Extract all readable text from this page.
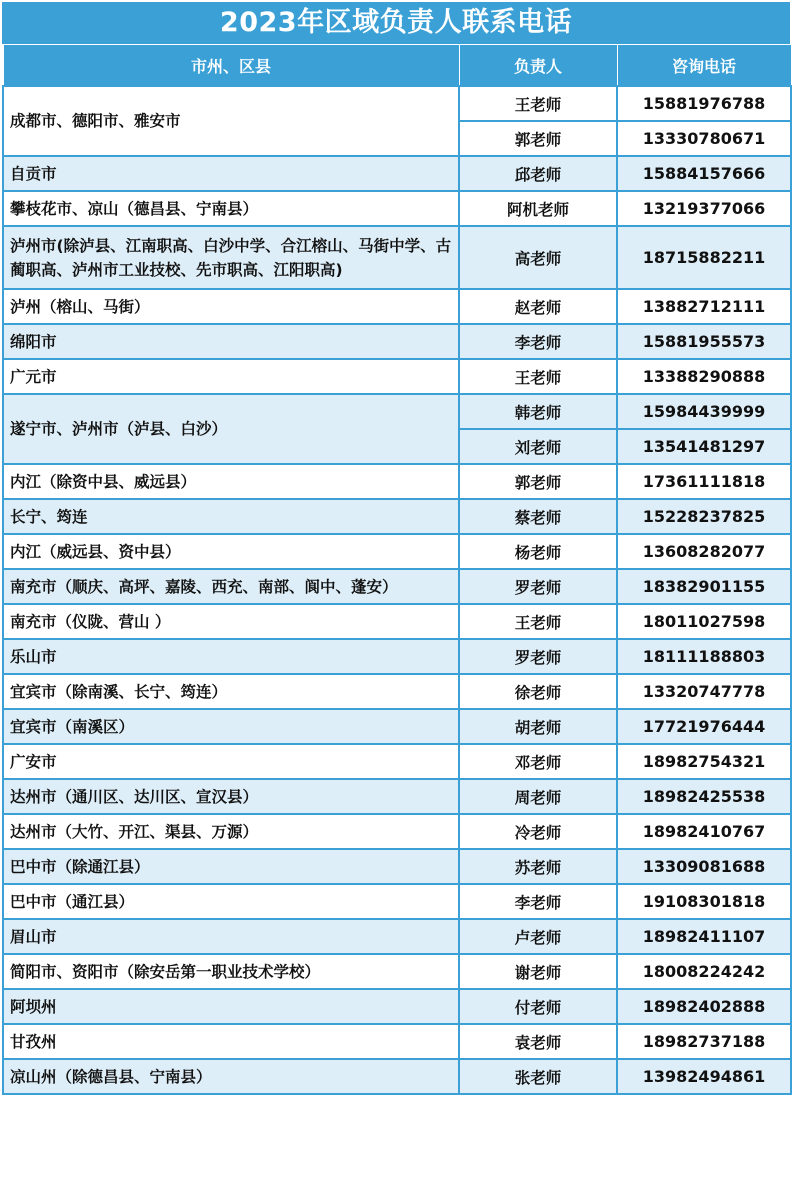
2023年区域负责人联系电话
市州、区县	负责人	咨询电话
成都市、德阳市、雅安市	王老师	15881976788
	郭老师	13330780671
自贡市	邱老师	15884157666
攀枝花市、凉山（德昌县、宁南县）	阿机老师	13219377066
泸州市(除泸县、江南职高、白沙中学、合江榕山、马街中学、古蔺职高、泸州市工业技校、先市职高、江阳职高)	高老师	18715882211
泸州（榕山、马街）	赵老师	13882712111
绵阳市	李老师	15881955573
广元市	王老师	13388290888
遂宁市、泸州市（泸县、白沙）	韩老师	15984439999
	刘老师	13541481297
内江（除资中县、威远县）	郭老师	17361111818
长宁、筠连	蔡老师	15228237825
内江（威远县、资中县）	杨老师	13608282077
南充市（顺庆、高坪、嘉陵、西充、南部、阆中、蓬安）	罗老师	18382901155
南充市（仪陇、营山 ）	王老师	18011027598
乐山市	罗老师	18111188803
宜宾市（除南溪、长宁、筠连）	徐老师	13320747778
宜宾市（南溪区）	胡老师	17721976444
广安市	邓老师	18982754321
达州市（通川区、达川区、宣汉县）	周老师	18982425538
达州市（大竹、开江、渠县、万源）	冷老师	18982410767
巴中市（除通江县）	苏老师	13309081688
巴中市（通江县）	李老师	19108301818
眉山市	卢老师	18982411107
简阳市、资阳市（除安岳第一职业技术学校）	谢老师	18008224242
阿坝州	付老师	18982402888
甘孜州	袁老师	18982737188
凉山州（除德昌县、宁南县）	张老师	13982494861
